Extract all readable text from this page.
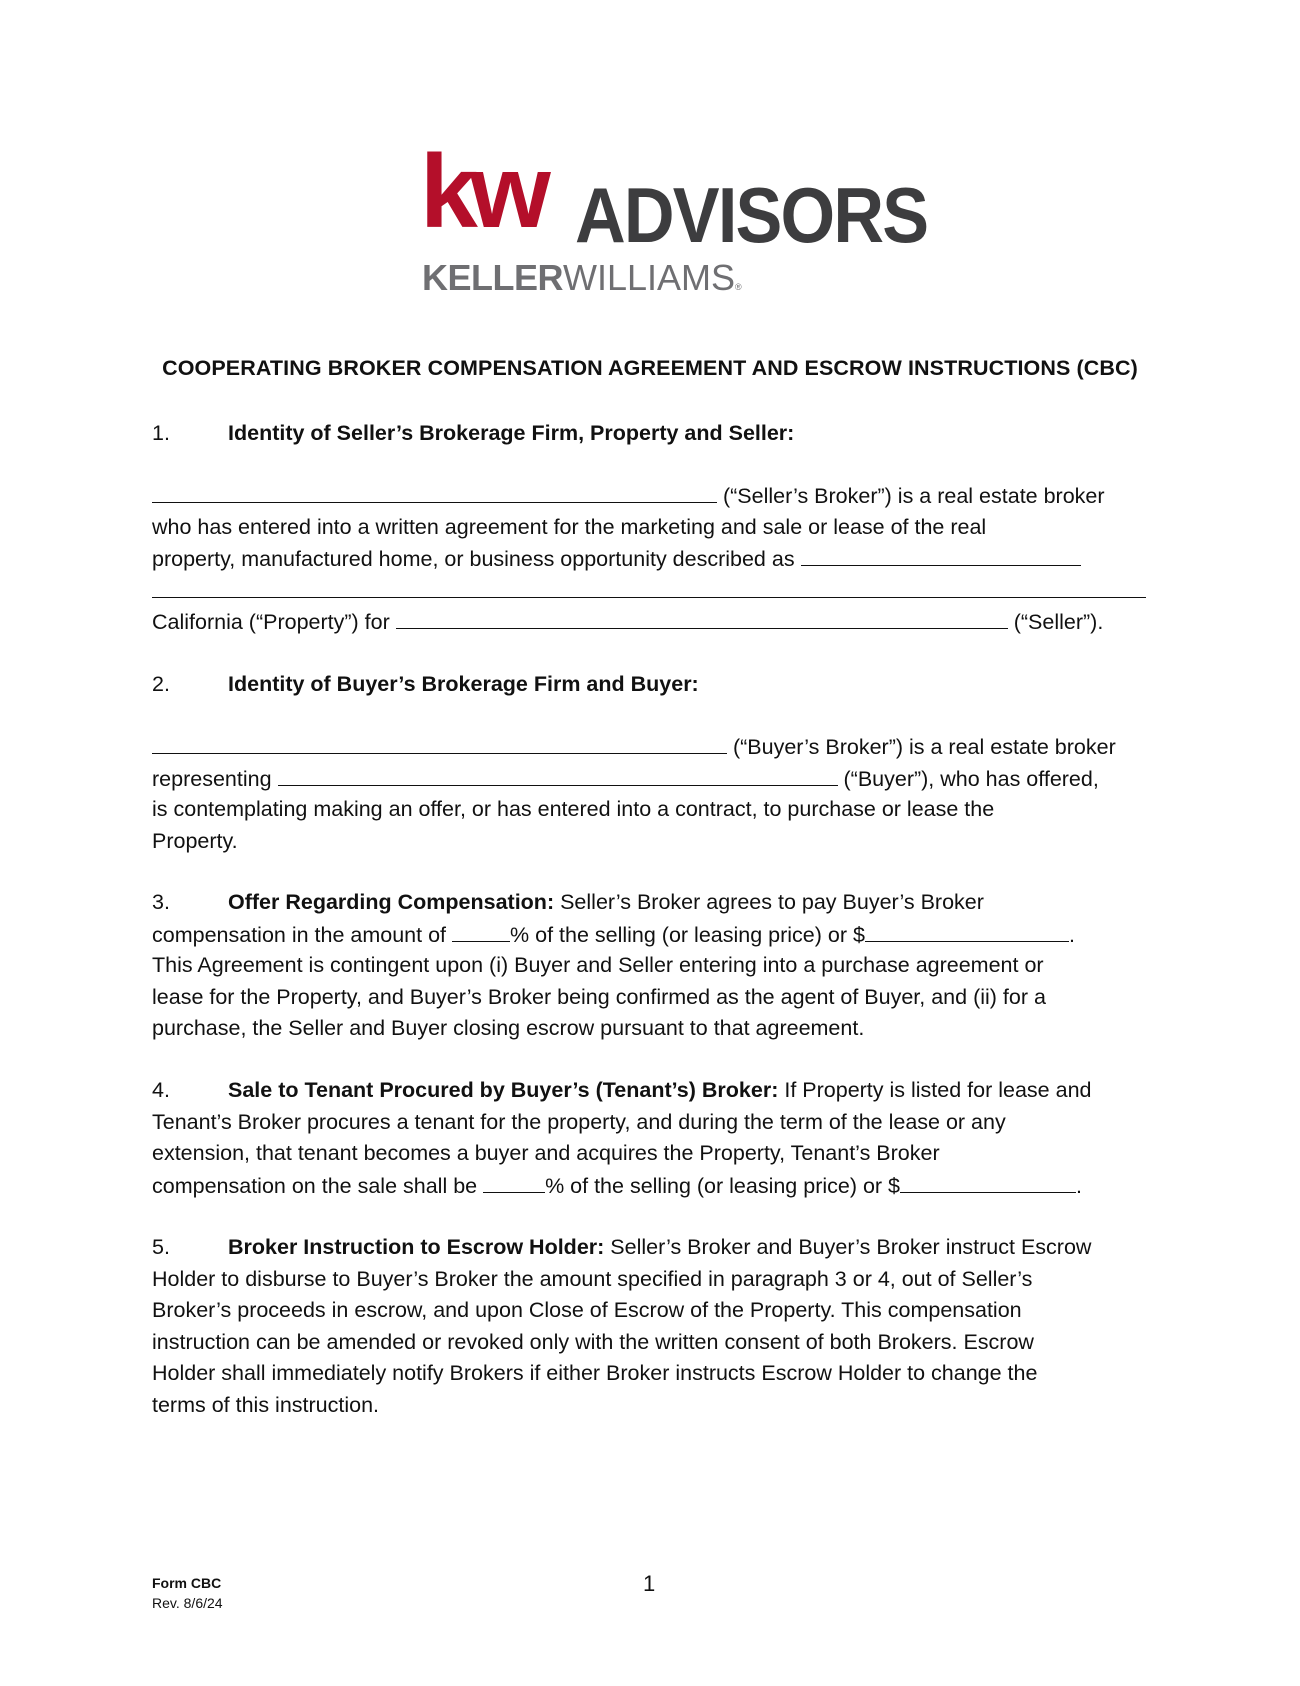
kw ADVISORS
KELLERWILLIAMS®
COOPERATING BROKER COMPENSATION AGREEMENT AND ESCROW INSTRUCTIONS (CBC)
1.	Identity of Seller’s Brokerage Firm, Property and Seller:
(“Seller’s Broker”) is a real estate broker
who has entered into a written agreement for the marketing and sale or lease of the real
property, manufactured home, or business opportunity described as
California (“Property”) for	(“Seller”).
2.	Identity of Buyer’s Brokerage Firm and Buyer:
(“Buyer’s Broker”) is a real estate broker
representing	(“Buyer”), who has offered,
is contemplating making an offer, or has entered into a contract, to purchase or lease the
Property.
3.	Offer Regarding Compensation: Seller’s Broker agrees to pay Buyer’s Broker
compensation in the amount of	% of the selling (or leasing price) or $	.
This Agreement is contingent upon (i) Buyer and Seller entering into a purchase agreement or
lease for the Property, and Buyer’s Broker being confirmed as the agent of Buyer, and (ii) for a
purchase, the Seller and Buyer closing escrow pursuant to that agreement.
4.	Sale to Tenant Procured by Buyer’s (Tenant’s) Broker: If Property is listed for lease and
Tenant’s Broker procures a tenant for the property, and during the term of the lease or any
extension, that tenant becomes a buyer and acquires the Property, Tenant’s Broker
compensation on the sale shall be	% of the selling (or leasing price) or $	.
5.	Broker Instruction to Escrow Holder: Seller’s Broker and Buyer’s Broker instruct Escrow
Holder to disburse to Buyer’s Broker the amount specified in paragraph 3 or 4, out of Seller’s
Broker’s proceeds in escrow, and upon Close of Escrow of the Property. This compensation
instruction can be amended or revoked only with the written consent of both Brokers. Escrow
Holder shall immediately notify Brokers if either Broker instructs Escrow Holder to change the
terms of this instruction.
Form CBC
Rev. 8/6/24
1
